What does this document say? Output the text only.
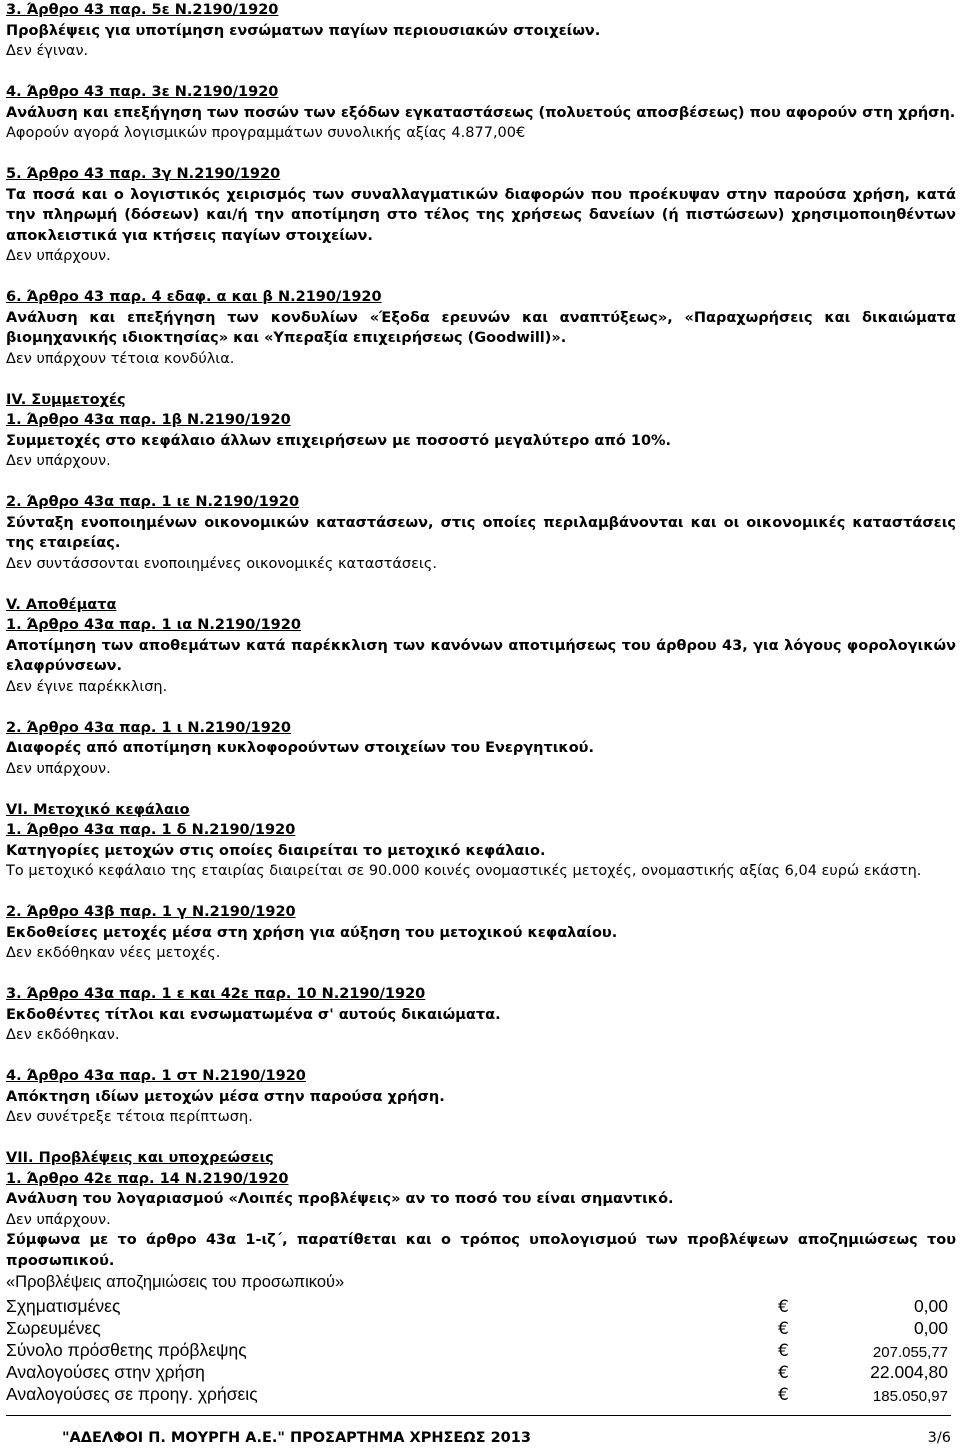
3. Άρθρο 43 παρ. 5ε Ν.2190/1920

Προβλέψεις για υποτίμηση ενσώματων παγίων περιουσιακών στοιχείων.

Δεν έγιναν.

4. Άρθρο 43 παρ. 3ε Ν.2190/1920

Ανάλυση και επεξήγηση των ποσών των εξόδων εγκαταστάσεως (πολυετούς αποσβέσεως) που αφορούν στη χρήση.

Αφορούν αγορά λογισμικών προγραμμάτων συνολικής αξίας 4.877,00€

5. Άρθρο 43 παρ. 3γ Ν.2190/1920

Τα ποσά και ο λογιστικός χειρισμός των συναλλαγματικών διαφορών που προέκυψαν στην παρούσα χρήση, κατά την πληρωμή (δόσεων) και/ή την αποτίμηση στο τέλος της χρήσεως δανείων (ή πιστώσεων) χρησιμοποιηθέντων αποκλειστικά για κτήσεις παγίων στοιχείων.

Δεν υπάρχουν.

6. Άρθρο 43 παρ. 4 εδαφ. α και β Ν.2190/1920

Ανάλυση και επεξήγηση των κονδυλίων «Έξοδα ερευνών και αναπτύξεως», «Παραχωρήσεις και δικαιώματα βιομηχανικής ιδιοκτησίας» και «Υπεραξία επιχειρήσεως (Goodwill)».

Δεν υπάρχουν τέτοια κονδύλια.

IV. Συμμετοχές

1. Άρθρο 43α παρ. 1β Ν.2190/1920

Συμμετοχές στο κεφάλαιο άλλων επιχειρήσεων με ποσοστό μεγαλύτερο από 10%.

Δεν υπάρχουν.

2. Άρθρο 43α παρ. 1 ιε Ν.2190/1920

Σύνταξη ενοποιημένων οικονομικών καταστάσεων, στις οποίες περιλαμβάνονται και οι οικονομικές καταστάσεις της εταιρείας.

Δεν συντάσσονται ενοποιημένες οικονομικές καταστάσεις.

V. Αποθέματα

1. Άρθρο 43α παρ. 1 ια Ν.2190/1920

Αποτίμηση των αποθεμάτων κατά παρέκκλιση των κανόνων αποτιμήσεως του άρθρου 43, για λόγους φορολογικών ελαφρύνσεων.

Δεν έγινε παρέκκλιση.

2. Άρθρο 43α παρ. 1 ι Ν.2190/1920

Διαφορές από αποτίμηση κυκλοφορούντων στοιχείων του Ενεργητικού.

Δεν υπάρχουν.

VI. Μετοχικό κεφάλαιο

1. Άρθρο 43α παρ. 1 δ Ν.2190/1920

Κατηγορίες μετοχών στις οποίες διαιρείται το μετοχικό κεφάλαιο.

Το μετοχικό κεφάλαιο της εταιρίας διαιρείται σε 90.000 κοινές ονομαστικές μετοχές, ονομαστικής αξίας 6,04 ευρώ εκάστη.

2. Άρθρο 43β παρ. 1 γ Ν.2190/1920

Εκδοθείσες μετοχές μέσα στη χρήση για αύξηση του μετοχικού κεφαλαίου.

Δεν εκδόθηκαν νέες μετοχές.

3. Άρθρο 43α παρ. 1 ε και 42ε παρ. 10 Ν.2190/1920

Εκδοθέντες τίτλοι και ενσωματωμένα σ' αυτούς δικαιώματα.

Δεν εκδόθηκαν.

4. Άρθρο 43α παρ. 1 στ Ν.2190/1920

Απόκτηση ιδίων μετοχών μέσα στην παρούσα χρήση.

Δεν συνέτρεξε τέτοια περίπτωση.

VII. Προβλέψεις και υποχρεώσεις

1. Άρθρο 42ε παρ. 14 Ν.2190/1920

Ανάλυση του λογαριασμού «Λοιπές προβλέψεις» αν το ποσό του είναι σημαντικό.

Δεν υπάρχουν.

Σύμφωνα με το άρθρο 43α 1-ιζ΄, παρατίθεται και ο τρόπος υπολογισμού των προβλέψεων αποζημιώσεως του προσωπικού.

«Προβλέψεις αποζημιώσεις του προσωπικού»

Σχηματισμένες	€	0,00
Σωρευμένες	€	0,00
Σύνολο πρόσθετης πρόβλεψης	€	207.055,77
Αναλογούσες στην χρήση	€	22.004,80
Αναλογούσες σε προηγ. χρήσεις	€	185.050,97
"ΑΔΕΛΦΟΙ Π. ΜΟΥΡΓΗ Α.Ε." ΠΡΟΣΑΡΤΗΜΑ ΧΡΗΣΕΩΣ 2013	3/6
